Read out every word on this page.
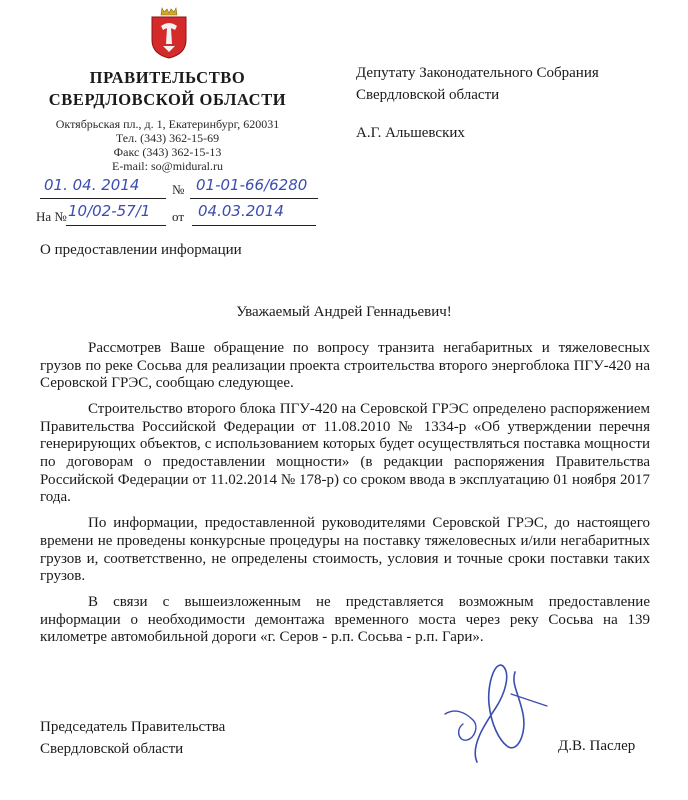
ПРАВИТЕЛЬСТВО
СВЕРДЛОВСКОЙ ОБЛАСТИ
Октябрьская пл., д. 1, Екатеринбург, 620031
Тел. (343) 362-15-69
Факс (343) 362-15-13
E-mail: so@midural.ru
01. 04. 2014	№ 01-01-66/6280
На № 10/02-57/1 от 04.03.2014
Депутату Законодательного Собрания
Свердловской области
А.Г. Альшевских
О предоставлении информации
Уважаемый Андрей Геннадьевич!

Рассмотрев Ваше обращение по вопросу транзита негабаритных и тяжеловесных грузов по реке Сосьва для реализации проекта строительства второго энергоблока ПГУ-420 на Серовской ГРЭС, сообщаю следующее.

Строительство второго блока ПГУ-420 на Серовской ГРЭС определено распоряжением Правительства Российской Федерации от 11.08.2010 № 1334-р «Об утверждении перечня генерирующих объектов, с использованием которых будет осуществляться поставка мощности по договорам о предоставлении мощности» (в редакции распоряжения Правительства Российской Федерации от 11.02.2014 № 178-р) со сроком ввода в эксплуатацию 01 ноября 2017 года.

По информации, предоставленной руководителями Серовской ГРЭС, до настоящего времени не проведены конкурсные процедуры на поставку тяжеловесных и/или негабаритных грузов и, соответственно, не определены стоимость, условия и точные сроки поставки таких грузов.

В связи с вышеизложенным не представляется возможным предоставление информации о необходимости демонтажа временного моста через реку Сосьва на 139 километре автомобильной дороги «г. Серов - р.п. Сосьва - р.п. Гари».

Председатель Правительства
Свердловской области	Д.В. Паслер
